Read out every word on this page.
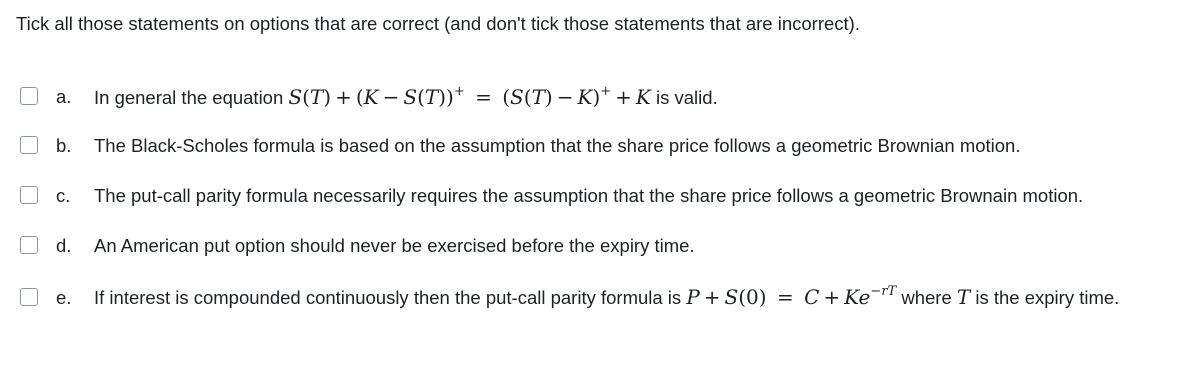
Tick all those statements on options that are correct (and don't tick those statements that are incorrect).
a. In general the equation S(T) + (K − S(T))+ = (S(T) − K)+ + K is valid.
b. The Black-Scholes formula is based on the assumption that the share price follows a geometric Brownian motion.
c. The put-call parity formula necessarily requires the assumption that the share price follows a geometric Brownain motion.
d. An American put option should never be exercised before the expiry time.
e. If interest is compounded continuously then the put-call parity formula is $P + S(0) = C + Ke^{-rT}$ where T is the expiry time.
